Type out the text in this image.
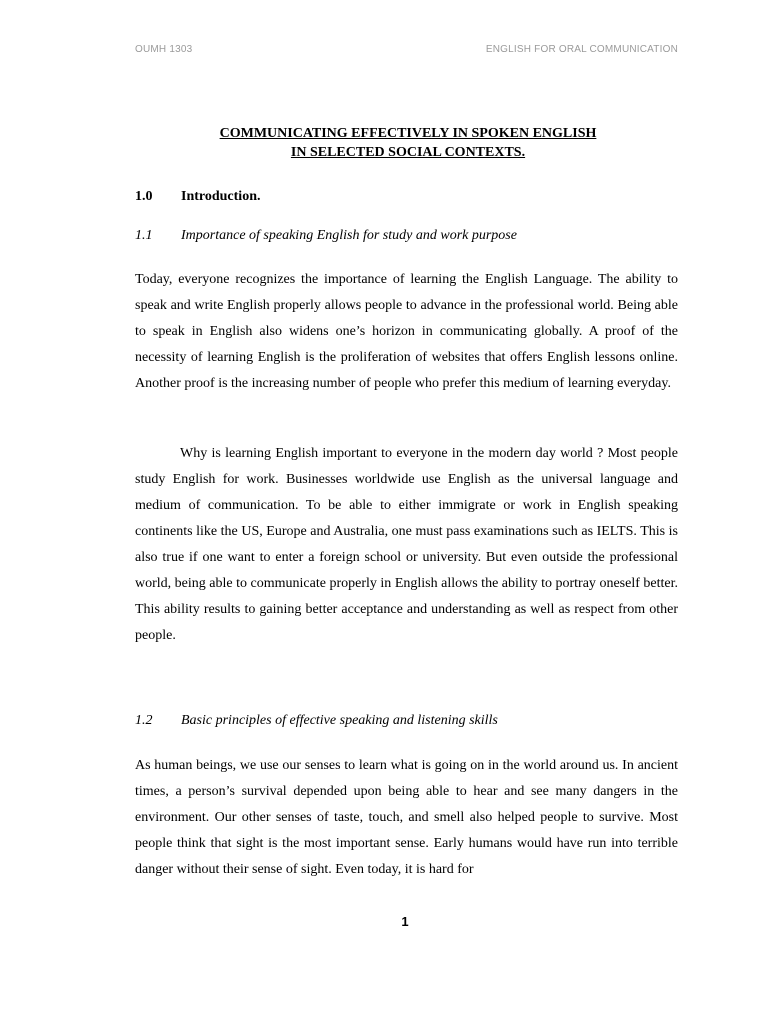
OUMH 1303	ENGLISH FOR ORAL COMMUNICATION
COMMUNICATING EFFECTIVELY IN SPOKEN ENGLISH
IN SELECTED SOCIAL CONTEXTS.
1.0 Introduction.
1.1 Importance of speaking English for study and work purpose

Today, everyone recognizes the importance of learning the English Language. The ability to speak and write English properly allows people to advance in the professional world. Being able to speak in English also widens one’s horizon in communicating globally. A proof of the necessity of learning English is the proliferation of websites that offers English lessons online. Another proof is the increasing number of people who prefer this medium of learning everyday.

Why is learning English important to everyone in the modern day world ? Most people study English for work. Businesses worldwide use English as the universal language and medium of communication. To be able to either immigrate or work in English speaking continents like the US, Europe and Australia, one must pass examinations such as IELTS. This is also true if one want to enter a foreign school or university. But even outside the professional world, being able to communicate properly in English allows the ability to portray oneself better. This ability results to gaining better acceptance and understanding as well as respect from other people.

1.2 Basic principles of effective speaking and listening skills

As human beings, we use our senses to learn what is going on in the world around us. In ancient times, a person’s survival depended upon being able to hear and see many dangers in the environment. Our other senses of taste, touch, and smell also helped people to survive. Most people think that sight is the most important sense. Early humans would have run into terrible danger without their sense of sight. Even today, it is hard for

1
